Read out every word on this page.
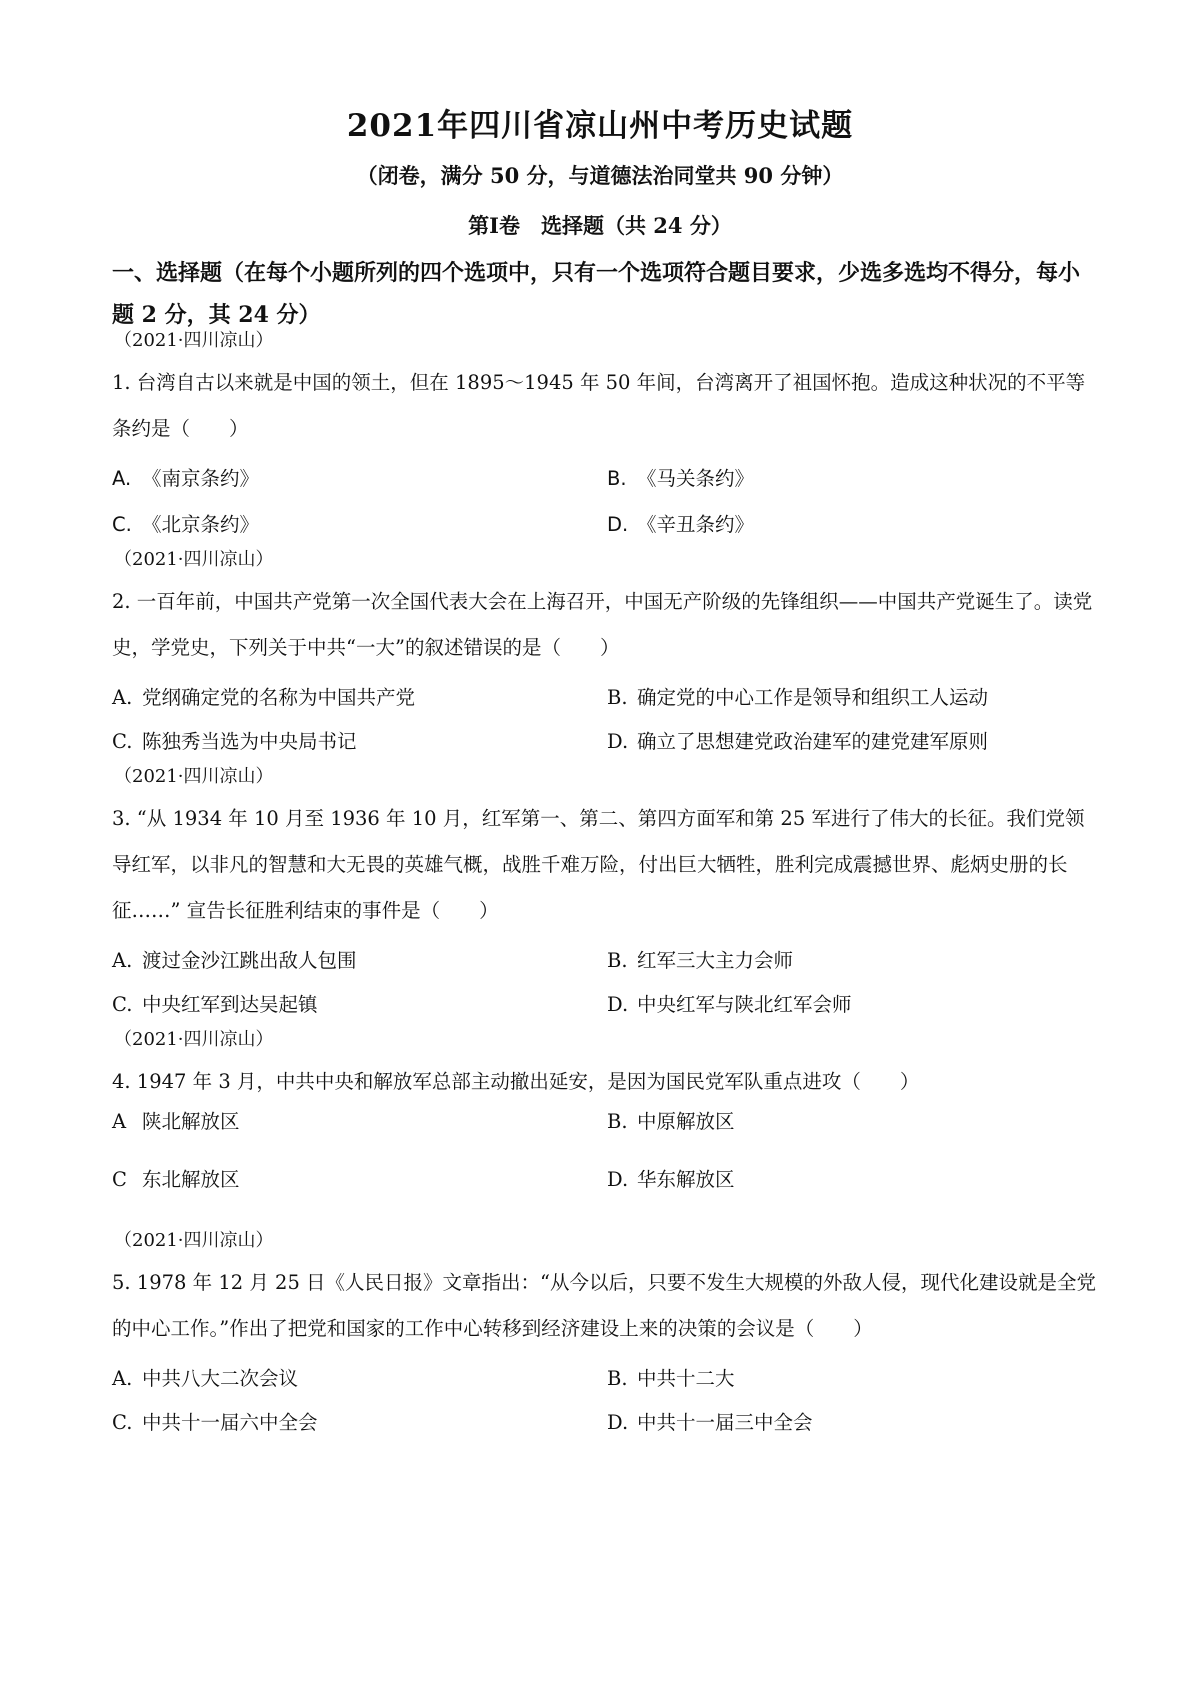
2021年四川省凉山州中考历史试题
（闭卷，满分 50 分，与道德法治同堂共 90 分钟）
第Ⅰ卷　选择题（共 24 分）
一、选择题（在每个小题所列的四个选项中，只有一个选项符合题目要求，少选多选均不得分，每小题 2 分，其 24 分）
（2021·四川凉山）
1. 台湾自古以来就是中国的领土，但在 1895～1945 年 50 年间，台湾离开了祖国怀抱。造成这种状况的不平等条约是（　　）
A. 《南京条约》	B. 《马关条约》
C. 《北京条约》	D. 《辛丑条约》
（2021·四川凉山）
2. 一百年前，中国共产党第一次全国代表大会在上海召开，中国无产阶级的先锋组织——中国共产党诞生了。读党史，学党史，下列关于中共“一大”的叙述错误的是（　　）
A. 党纲确定党的名称为中国共产党	B. 确定党的中心工作是领导和组织工人运动
C. 陈独秀当选为中央局书记	D. 确立了思想建党政治建军的建党建军原则
（2021·四川凉山）
3. “从 1934 年 10 月至 1936 年 10 月，红军第一、第二、第四方面军和第 25 军进行了伟大的长征。我们党领导红军，以非凡的智慧和大无畏的英雄气概，战胜千难万险，付出巨大牺牲，胜利完成震撼世界、彪炳史册的长征……” 宣告长征胜利结束的事件是（　　）
A. 渡过金沙江跳出敌人包围	B. 红军三大主力会师
C. 中央红军到达吴起镇	D. 中央红军与陕北红军会师
（2021·四川凉山）
4. 1947 年 3 月，中共中央和解放军总部主动撤出延安，是因为国民党军队重点进攻（　　）
A 陕北解放区	B. 中原解放区
C 东北解放区	D. 华东解放区
（2021·四川凉山）
5. 1978 年 12 月 25 日《人民日报》文章指出：“从今以后，只要不发生大规模的外敌人侵，现代化建设就是全党的中心工作。”作出了把党和国家的工作中心转移到经济建设上来的决策的会议是（　　）
A. 中共八大二次会议	B. 中共十二大
C. 中共十一届六中全会	D. 中共十一届三中全会
